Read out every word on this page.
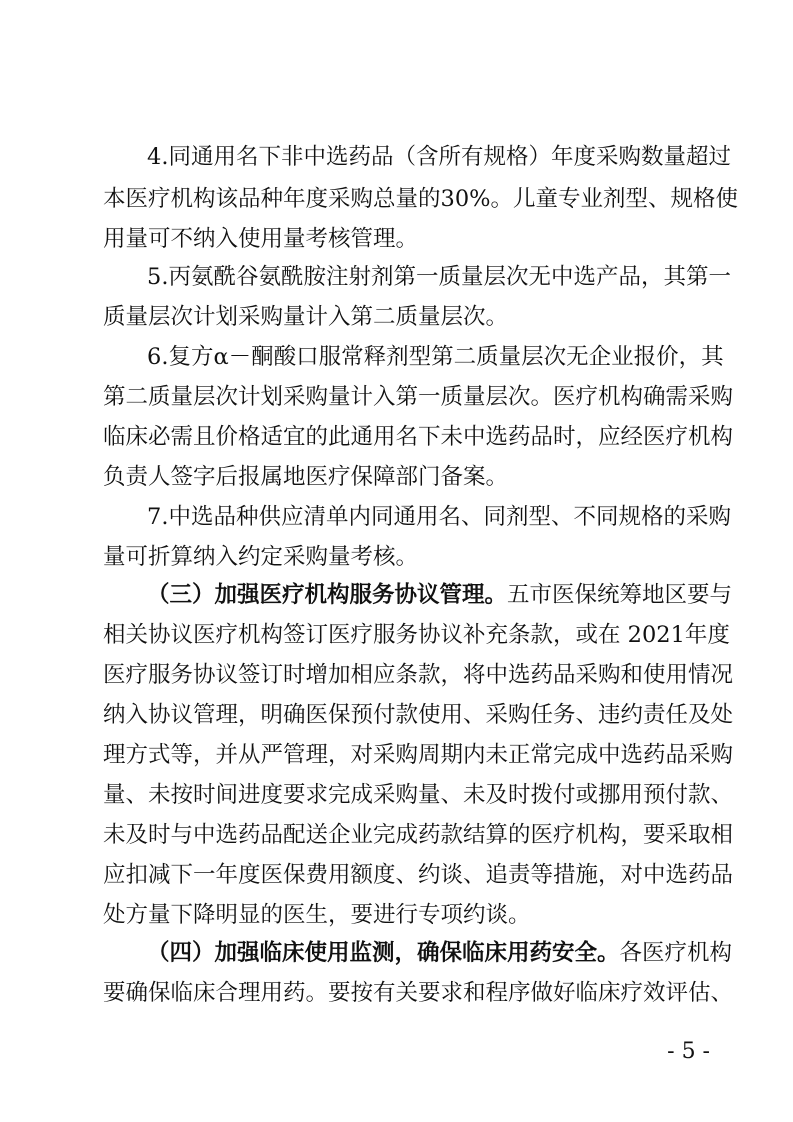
4.同通用名下非中选药品（含所有规格）年度采购数量超过
本医疗机构该品种年度采购总量的30%。儿童专业剂型、规格使
用量可不纳入使用量考核管理。
5.丙氨酰谷氨酰胺注射剂第一质量层次无中选产品，其第一
质量层次计划采购量计入第二质量层次。
6.复方α－酮酸口服常释剂型第二质量层次无企业报价，其
第二质量层次计划采购量计入第一质量层次。医疗机构确需采购
临床必需且价格适宜的此通用名下未中选药品时，应经医疗机构
负责人签字后报属地医疗保障部门备案。
7.中选品种供应清单内同通用名、同剂型、不同规格的采购
量可折算纳入约定采购量考核。
（三）加强医疗机构服务协议管理。五市医保统筹地区要与
相关协议医疗机构签订医疗服务协议补充条款，或在 2021年度
医疗服务协议签订时增加相应条款，将中选药品采购和使用情况
纳入协议管理，明确医保预付款使用、采购任务、违约责任及处
理方式等，并从严管理，对采购周期内未正常完成中选药品采购
量、未按时间进度要求完成采购量、未及时拨付或挪用预付款、
未及时与中选药品配送企业完成药款结算的医疗机构，要采取相
应扣减下一年度医保费用额度、约谈、追责等措施，对中选药品
处方量下降明显的医生，要进行专项约谈。
（四）加强临床使用监测，确保临床用药安全。各医疗机构
要确保临床合理用药。要按有关要求和程序做好临床疗效评估、
- 5 -
